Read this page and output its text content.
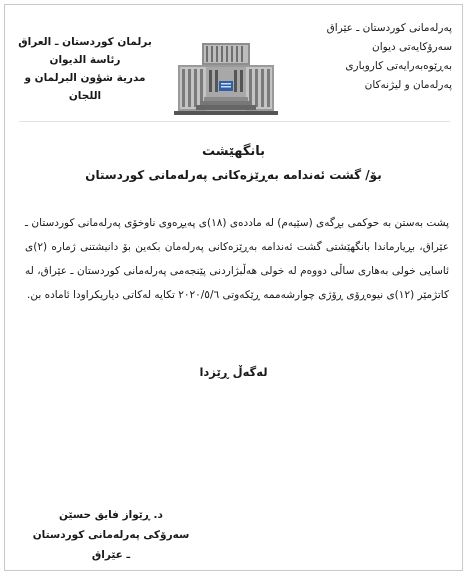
پەرلەمانی کوردستان ـ عێراق
سەرۆکایەتی دیوان
بەڕێوەبەرایەتی کاروباری
پەرلەمان و لیژنەکان
برلمان كوردستان ـ العراق
رئاسة الديوان
مدرية شؤون البرلمان و اللجان
بانگهێشت
بۆ/ گشت ئەندامە بەڕێزەکانی پەرلەمانی کوردستان

پشت بەستن بە حوکمی بڕگەی (سێیەم) لە ماددەی (١٨)ی پەیڕەوی ناوخۆی پەرلەمانی کوردستان ـ عێراق، بڕیارماندا بانگهێشتی گشت ئەندامە بەڕێزەکانی پەرلەمان بکەین بۆ دانیشتنی ژمارە (٢)ی ئاسایی خولی بەهاری ساڵی دووەم لە خولی هەڵبژاردنی پێنجەمی پەرلەمانی کوردستان ـ عێراق، لە کاتژمێر (١٢)ی نیوەڕۆی ڕۆژی چوارشەممە ڕێکەوتی ٢٠٢٠/٥/٦ تکایە لەکاتی دیاریکراودا ئامادە بن.

لەگەڵ ڕێزدا
د. ڕێواز فایق حسێن
سەرۆکی پەرلەمانی کوردستان ـ عێراق
